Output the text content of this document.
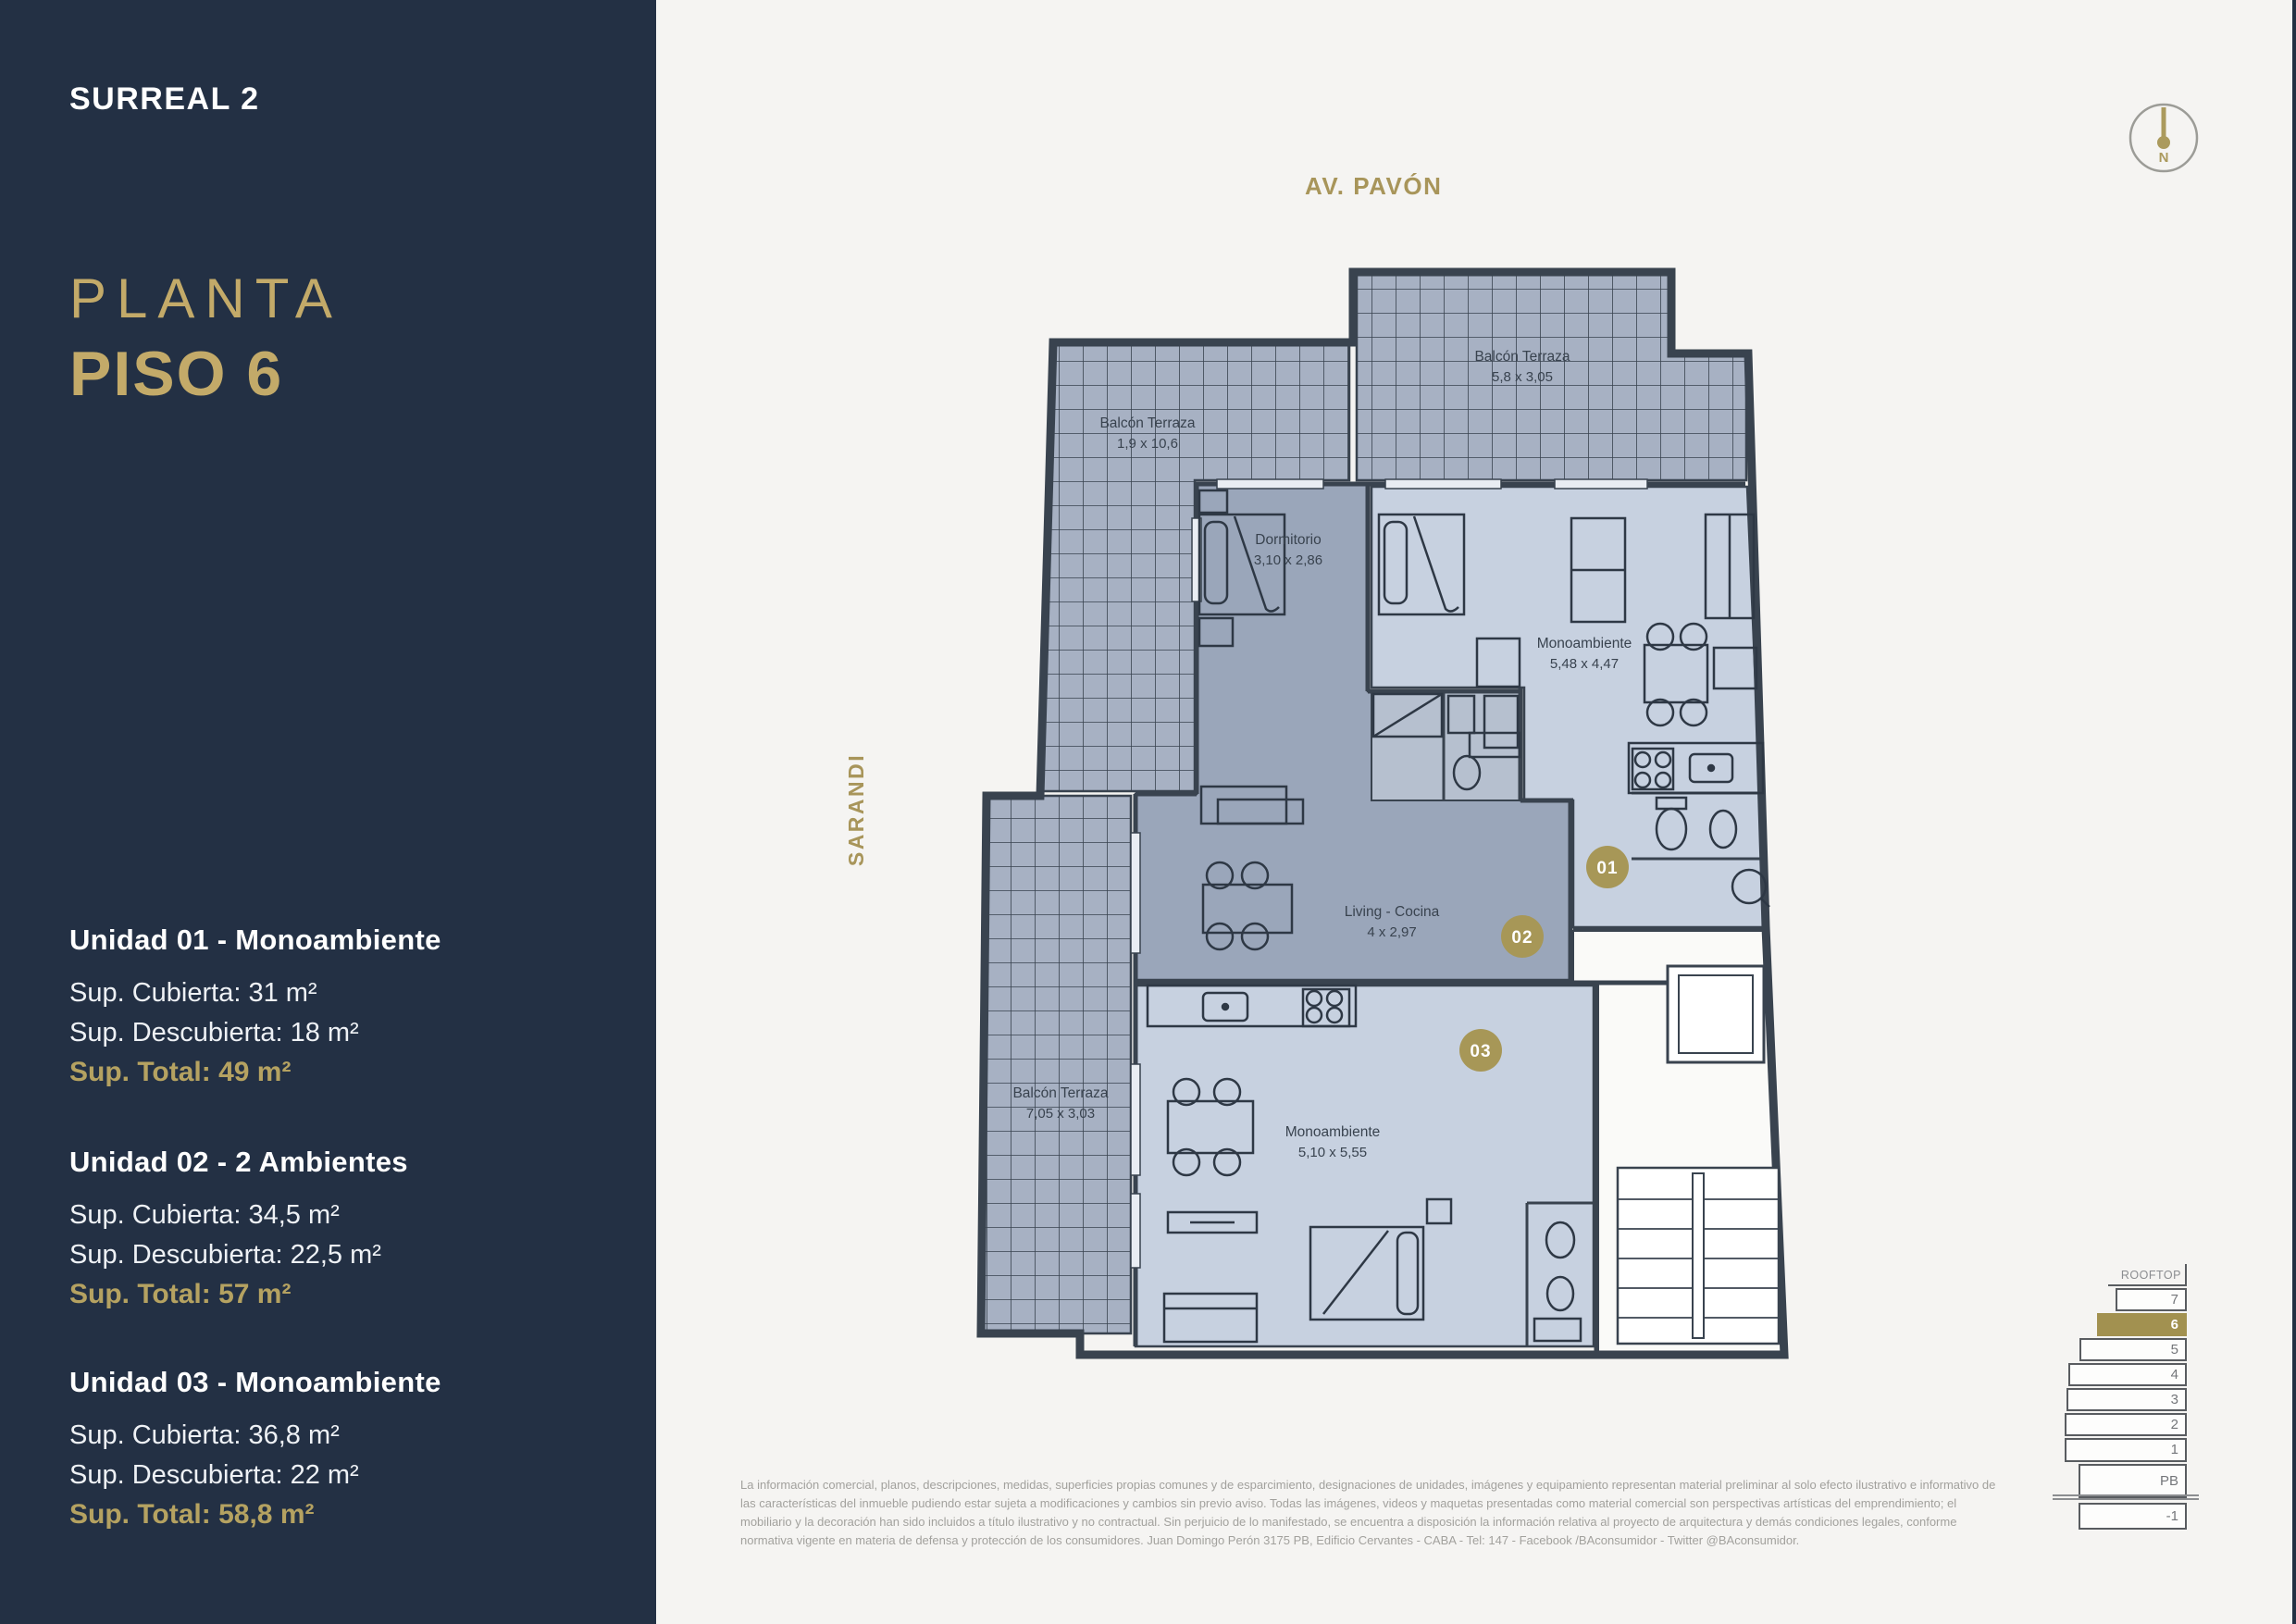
SURREAL 2
PLANTA
PISO 6
Unidad 01 - Monoambiente
Sup. Cubierta: 31 m²
Sup. Descubierta: 18 m²
Sup. Total: 49 m²
Unidad 02 - 2 Ambientes
Sup. Cubierta: 34,5 m²
Sup. Descubierta: 22,5 m²
Sup. Total: 57 m²
Unidad 03 - Monoambiente
Sup. Cubierta: 36,8 m²
Sup. Descubierta: 22 m²
Sup. Total: 58,8 m²
AV. PAVÓN
SARANDI
N
Balcón Terraza
5,8 x 3,05
Balcón Terraza
1,9 x 10,6
Balcón Terraza
7,05 x 3,03
Dormitorio
3,10 x 2,86
Monoambiente
5,48 x 4,47
Living - Cocina
4 x 2,97
Monoambiente
5,10 x 5,55
01
02
03
ROOFTOP
7
6
5
4
3
2
1
PB
-1

La información comercial, planos, descripciones, medidas, superficies propias comunes y de esparcimiento, designaciones de unidades, imágenes y equipamiento representan material preliminar al solo efecto ilustrativo e informativo de las características del inmueble pudiendo estar sujeta a modificaciones y cambios sin previo aviso. Todas las imágenes, videos y maquetas presentadas como material comercial son perspectivas artísticas del emprendimiento; el mobiliario y la decoración han sido incluidos a título ilustrativo y no contractual. Sin perjuicio de lo manifestado, se encuentra a disposición la información relativa al proyecto de arquitectura y demás condiciones legales, conforme normativa vigente en materia de defensa y protección de los consumidores. Juan Domingo Perón 3175 PB, Edificio Cervantes - CABA - Tel: 147 - Facebook /BAconsumidor - Twitter @BAconsumidor.
